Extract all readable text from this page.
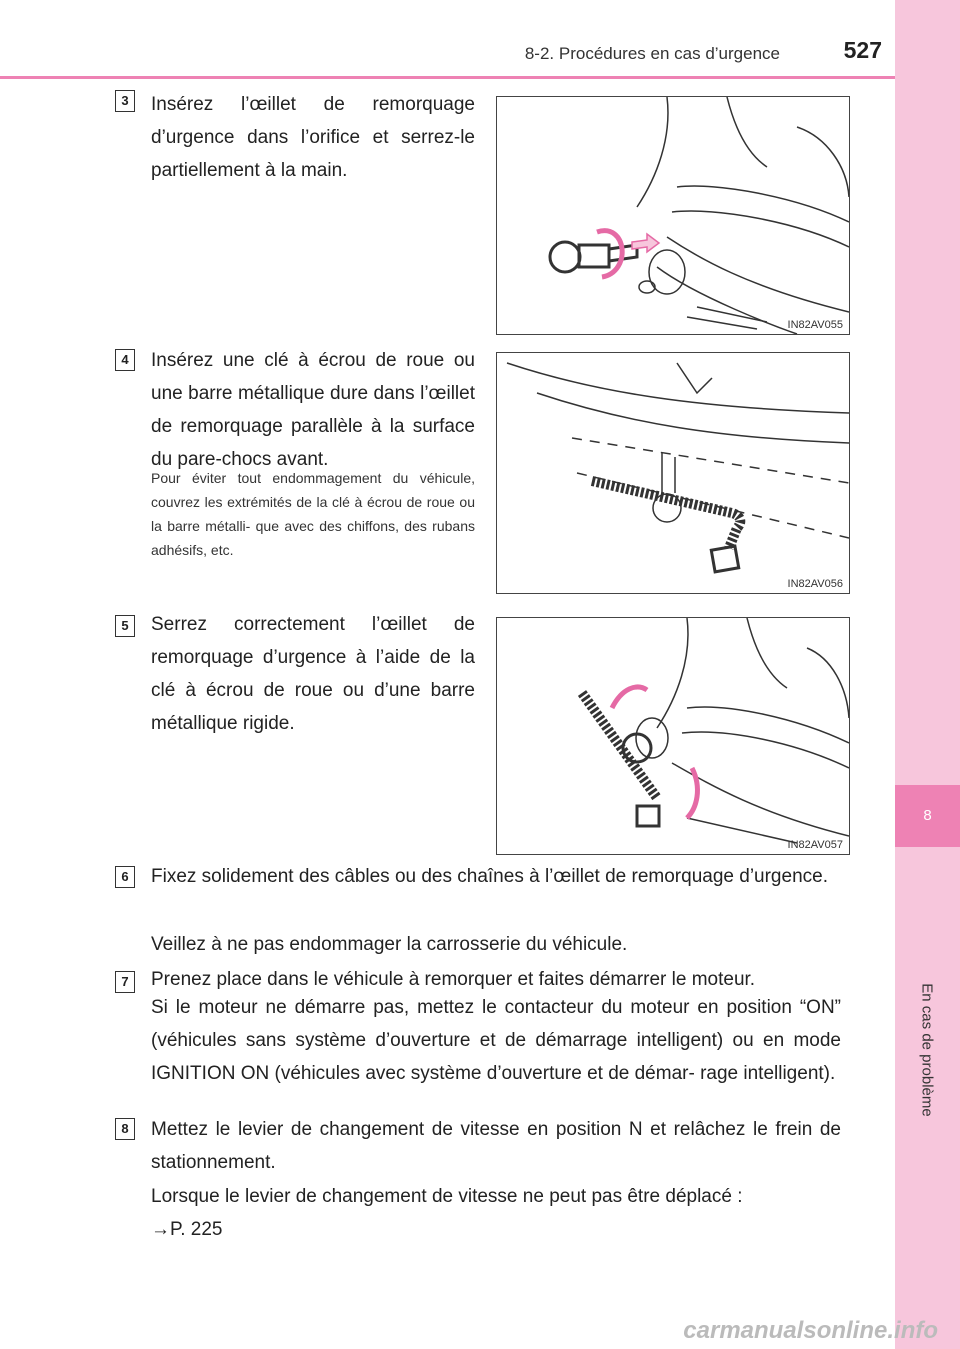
8-2. Procédures en cas d’urgence	527
8
En cas de problème
3	Insérez l’œillet de remorquage d’urgence dans l’orifice et serrez-le partiellement à la main.
IN82AV055
4	Insérez une clé à écrou de roue ou une barre métallique dure dans l’œillet de remorquage parallèle à la surface du pare-chocs avant.
Pour éviter tout endommagement du véhicule, couvrez les extrémités de la clé à écrou de roue ou la barre métalli- que avec des chiffons, des rubans adhésifs, etc.
IN82AV056
5	Serrez correctement l’œillet de remorquage d’urgence à l’aide de la clé à écrou de roue ou d’une barre métallique rigide.
IN82AV057
6	Fixez solidement des câbles ou des chaînes à l’œillet de remorquage d’urgence.
Veillez à ne pas endommager la carrosserie du véhicule.
7	Prenez place dans le véhicule à remorquer et faites démarrer le moteur.
Si le moteur ne démarre pas, mettez le contacteur du moteur en position “ON” (véhicules sans système d’ouverture et de démarrage intelligent) ou en mode IGNITION ON (véhicules avec système d’ouverture et de démar- rage intelligent).
8	Mettez le levier de changement de vitesse en position N et relâchez le frein de stationnement.
Lorsque le levier de changement de vitesse ne peut pas être déplacé :
→P. 225
carmanualsonline.info
